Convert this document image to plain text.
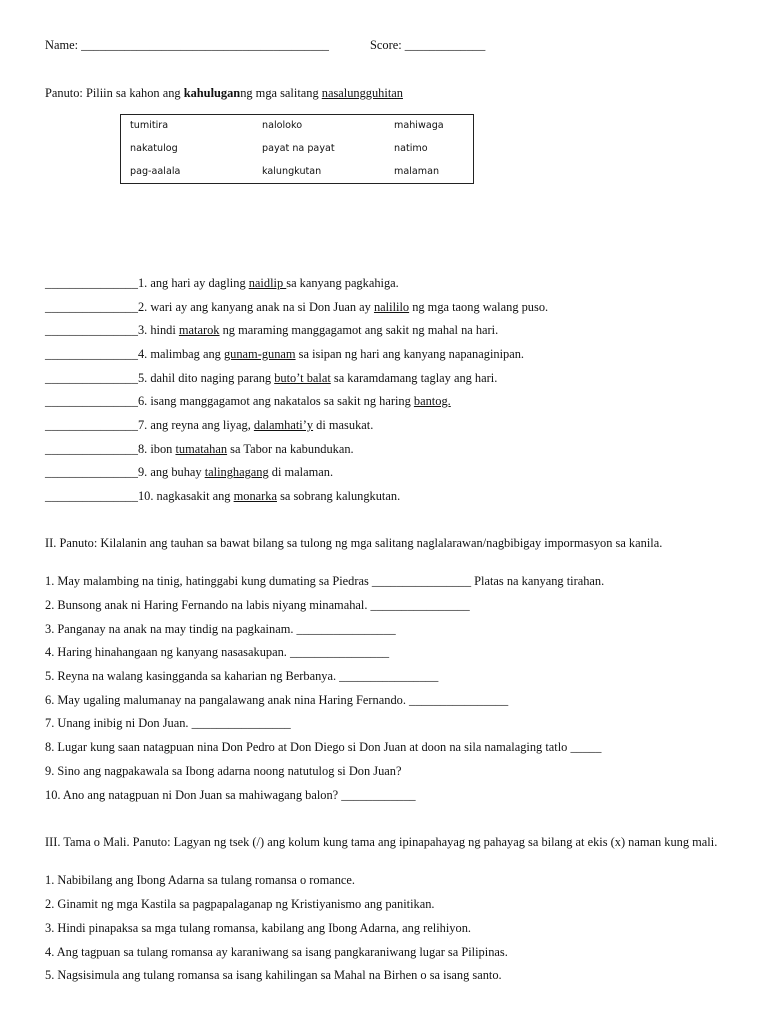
Name: ________________________________________	Score: _____________
Panuto: Piliin sa kahon ang kahuluganng mga salitang nasalungguhitan
tumitira	naloloko	mahiwaga
nakatulog	payat na payat	natimo
pag-aalala	kalungkutan	malaman
_______________1. ang hari ay dagling naidlip sa kanyang pagkahiga.
_______________2. wari ay ang kanyang anak na si Don Juan ay nalililo ng mga taong walang puso.
_______________3. hindi matarok ng maraming manggagamot ang sakit ng mahal na hari.
_______________4. malimbag ang gunam-gunam sa isipan ng hari ang kanyang napanaginipan.
_______________5. dahil dito naging parang buto’t balat sa karamdamang taglay ang hari.
_______________6. isang manggagamot ang nakatalos sa sakit ng haring bantog.
_______________7. ang reyna ang liyag, dalamhati’y di masukat.
_______________8. ibon tumatahan sa Tabor na kabundukan.
_______________9. ang buhay talinghagang di malaman.
_______________10. nagkasakit ang monarka sa sobrang kalungkutan.
II. Panuto: Kilalanin ang tauhan sa bawat bilang sa tulong ng mga salitang naglalarawan/nagbibigay impormasyon sa kanila.
1. May malambing na tinig, hatinggabi kung dumating sa Piedras ________________ Platas na kanyang tirahan.
2. Bunsong anak ni Haring Fernando na labis niyang minamahal. ________________
3. Panganay na anak na may tindig na pagkainam. ________________
4. Haring hinahangaan ng kanyang nasasakupan. ________________
5. Reyna na walang kasingganda sa kaharian ng Berbanya. ________________
6. May ugaling malumanay na pangalawang anak nina Haring Fernando. ________________
7. Unang inibig ni Don Juan. ________________
8. Lugar kung saan natagpuan nina Don Pedro at Don Diego si Don Juan at doon na sila namalaging tatlo _____
9. Sino ang nagpakawala sa Ibong adarna noong natutulog si Don Juan?
10. Ano ang natagpuan ni Don Juan sa mahiwagang balon? ____________
III. Tama o Mali. Panuto: Lagyan ng tsek (/) ang kolum kung tama ang ipinapahayag ng pahayag sa bilang at ekis (x) naman kung mali.
1. Nabibilang ang Ibong Adarna sa tulang romansa o romance.
2. Ginamit ng mga Kastila sa pagpapalaganap ng Kristiyanismo ang panitikan.
3. Hindi pinapaksa sa mga tulang romansa, kabilang ang Ibong Adarna, ang relihiyon.
4. Ang tagpuan sa tulang romansa ay karaniwang sa isang pangkaraniwang lugar sa Pilipinas.
5. Nagsisimula ang tulang romansa sa isang kahilingan sa Mahal na Birhen o sa isang santo.
